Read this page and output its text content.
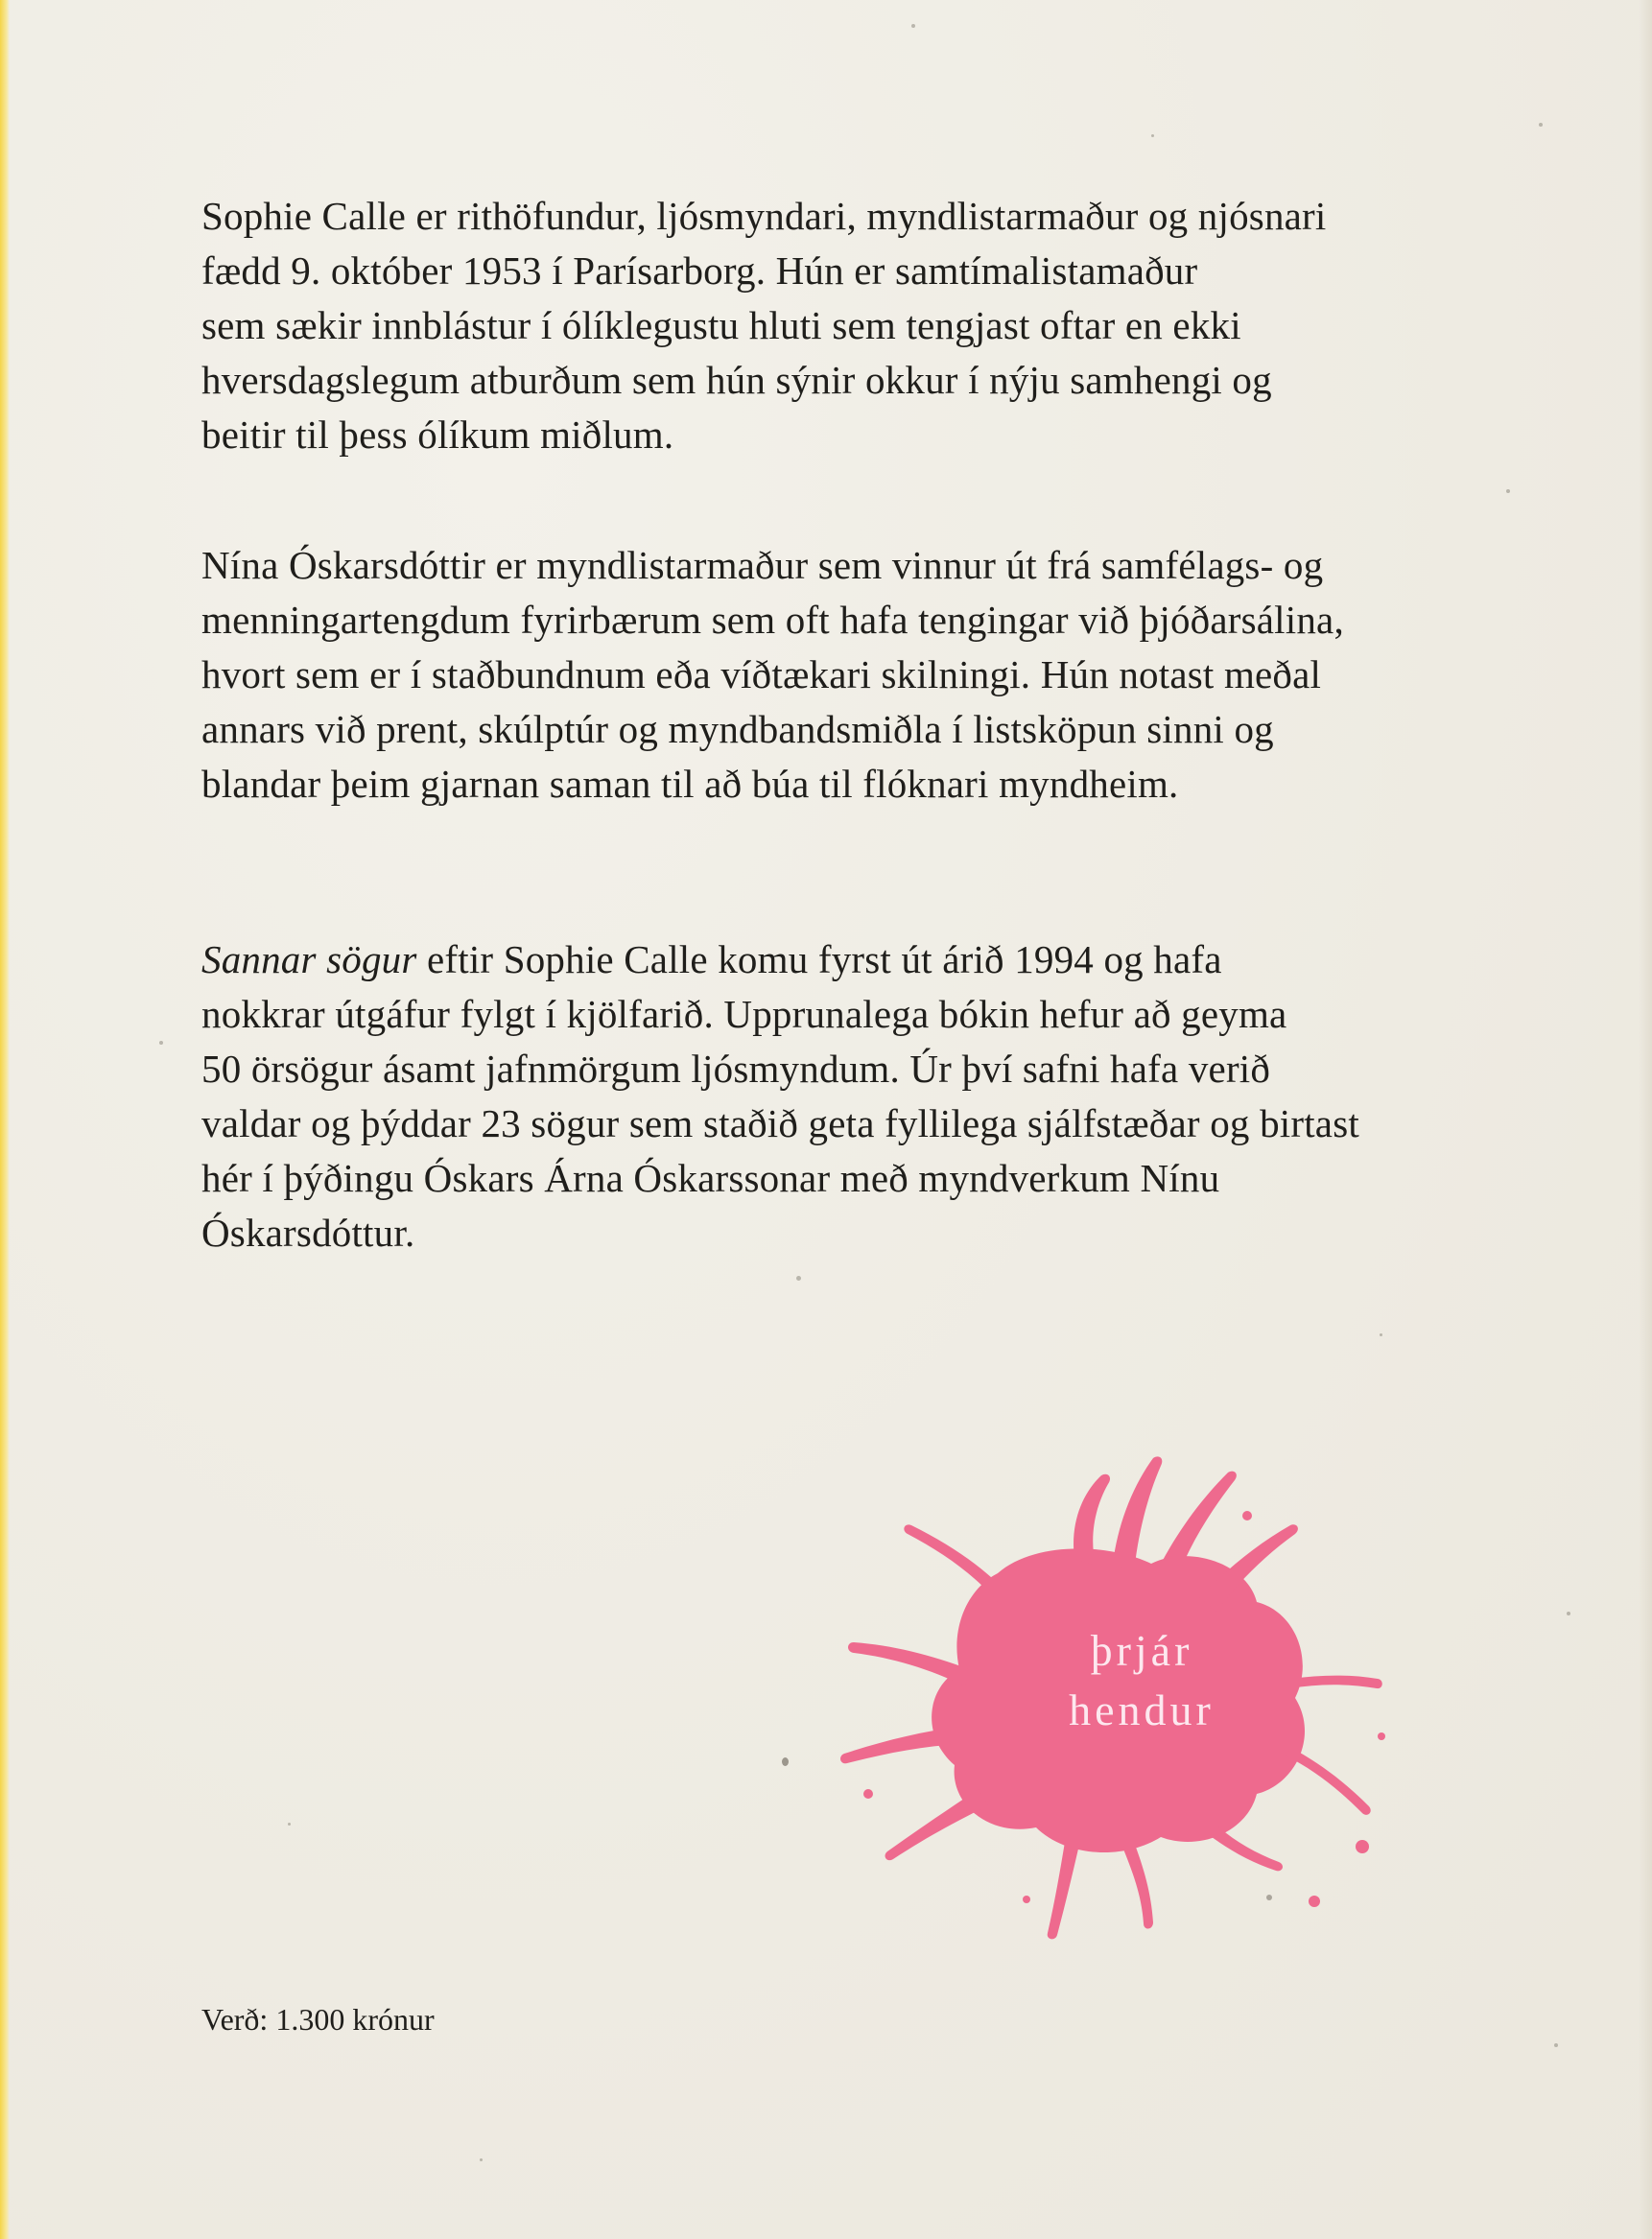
Sophie Calle er rithöfundur, ljósmyndari, myndlistarmaður og njósnari
fædd 9. október 1953 í Parísarborg. Hún er samtímalistamaður
sem sækir innblástur í ólíklegustu hluti sem tengjast oftar en ekki
hversdagslegum atburðum sem hún sýnir okkur í nýju samhengi og
beitir til þess ólíkum miðlum.
Nína Óskarsdóttir er myndlistarmaður sem vinnur út frá samfélags- og
menningartengdum fyrirbærum sem oft hafa tengingar við þjóðarsálina,
hvort sem er í staðbundnum eða víðtækari skilningi. Hún notast meðal
annars við prent, skúlptúr og myndbandsmiðla í listsköpun sinni og
blandar þeim gjarnan saman til að búa til flóknari myndheim.
Sannar sögur eftir Sophie Calle komu fyrst út árið 1994 og hafa
nokkrar útgáfur fylgt í kjölfarið. Upprunalega bókin hefur að geyma
50 örsögur ásamt jafnmörgum ljósmyndum. Úr því safni hafa verið
valdar og þýddar 23 sögur sem staðið geta fyllilega sjálfstæðar og birtast
hér í þýðingu Óskars Árna Óskarssonar með myndverkum Nínu
Óskarsdóttur.
þrjár
hendur
Verð: 1.300 krónur
